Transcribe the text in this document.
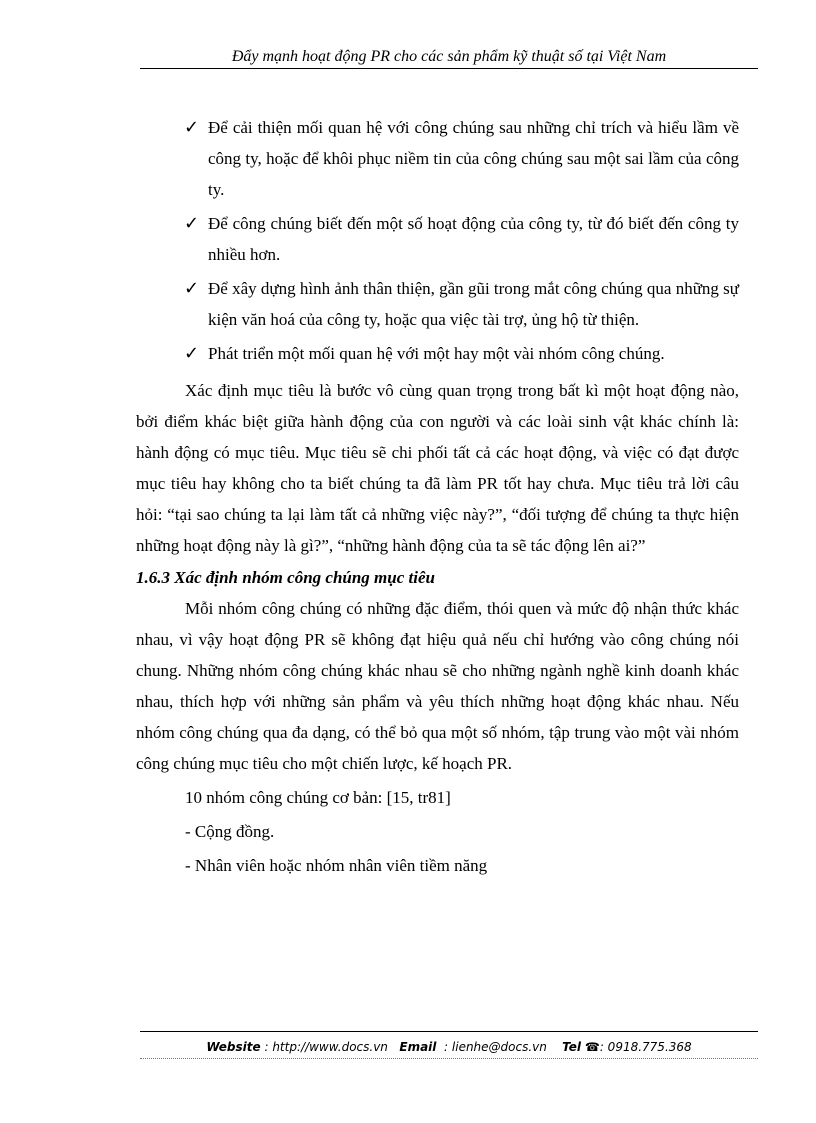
Đẩy mạnh hoạt động PR cho các sản phẩm kỹ thuật số tại Việt Nam
✓ Để cải thiện mối quan hệ với công chúng sau những chỉ trích và hiểu lầm về công ty, hoặc để khôi phục niềm tin của công chúng sau một sai lầm của công ty.
✓ Để công chúng biết đến một số hoạt động của công ty, từ đó biết đến công ty nhiều hơn.
✓ Để xây dựng hình ảnh thân thiện, gần gũi trong mắt công chúng qua những sự kiện văn hoá của công ty, hoặc qua việc tài trợ, ủng hộ từ thiện.
✓ Phát triển một mối quan hệ với một hay một vài nhóm công chúng.

Xác định mục tiêu là bước vô cùng quan trọng trong bất kì một hoạt động nào, bởi điểm khác biệt giữa hành động của con người và các loài sinh vật khác chính là: hành động có mục tiêu. Mục tiêu sẽ chi phối tất cả các hoạt động, và việc có đạt được mục tiêu hay không cho ta biết chúng ta đã làm PR tốt hay chưa. Mục tiêu trả lời câu hỏi: “tại sao chúng ta lại làm tất cả những việc này?”, “đối tượng để chúng ta thực hiện những hoạt động này là gì?”, “những hành động của ta sẽ tác động lên ai?”

1.6.3 Xác định nhóm công chúng mục tiêu

Mỗi nhóm công chúng có những đặc điểm, thói quen và mức độ nhận thức khác nhau, vì vậy hoạt động PR sẽ không đạt hiệu quả nếu chỉ hướng vào công chúng nói chung. Những nhóm công chúng khác nhau sẽ cho những ngành nghề kinh doanh khác nhau, thích hợp với những sản phẩm và yêu thích những hoạt động khác nhau. Nếu nhóm công chúng qua đa dạng, có thể bỏ qua một số nhóm, tập trung vào một vài nhóm công chúng mục tiêu cho một chiến lược, kế hoạch PR.

10 nhóm công chúng cơ bản: [15, tr81]

- Cộng đồng.

- Nhân viên hoặc nhóm nhân viên tiềm năng

Website : http://www.docs.vn Email : lienhe@docs.vn Tel ☎: 0918.775.368
